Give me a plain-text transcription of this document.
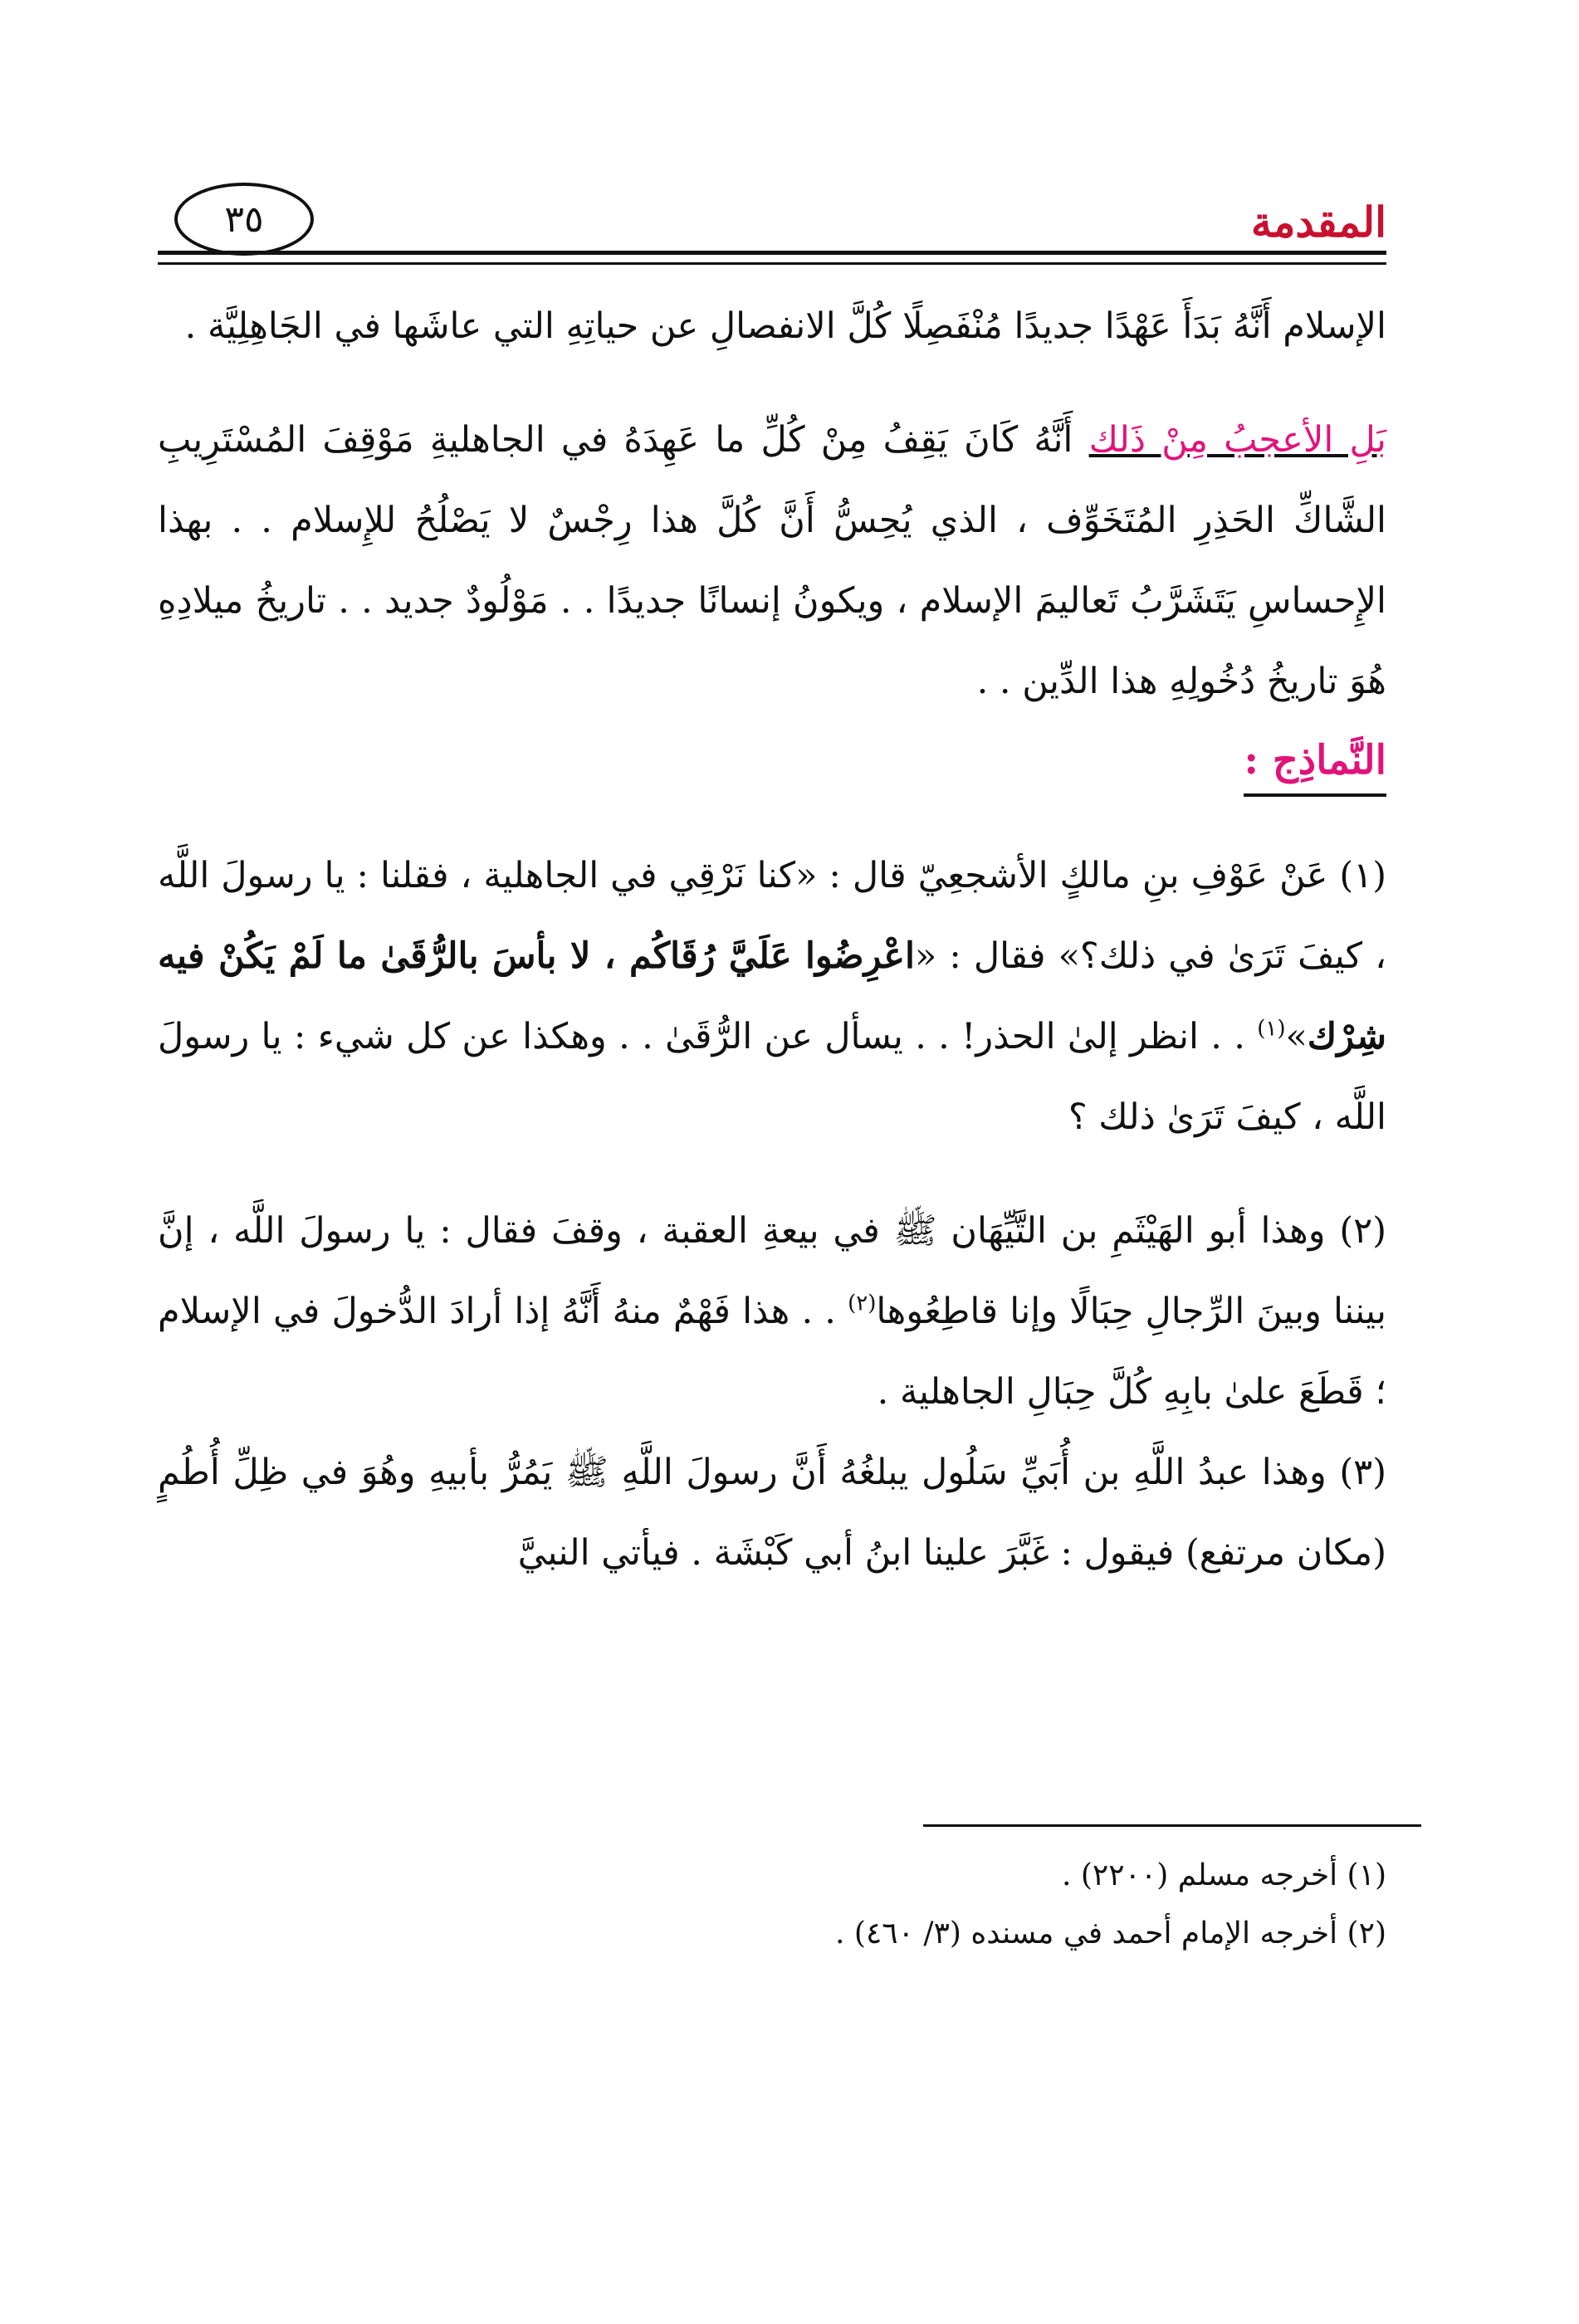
المقدمة
٣٥

الإسلام أَنَّهُ بَدَأَ عَهْدًا جديدًا مُنْفَصِلًا كُلَّ الانفصالِ عن حياتِهِ التي عاشَها في الجَاهِلِيَّة .

بَلِ الأعجبُ مِنْ ذَلك أَنَّهُ كَانَ يَقِفُ مِنْ كُلِّ ما عَهِدَهُ في الجاهليةِ مَوْقِفَ المُسْتَرِيبِ الشَّاكِّ الحَذِرِ المُتَخَوِّف ، الذي يُحِسُّ أَنَّ كُلَّ هذا رِجْسٌ لا يَصْلُحُ للإِسلام . . بهذا الإِحساسِ يَتَشَرَّبُ تَعاليمَ الإسلام ، ويكونُ إنسانًا جديدًا . . مَوْلُودٌ جديد . . تاريخُ ميلادِهِ هُوَ تاريخُ دُخُولِهِ هذا الدِّين . .

النَّماذِج :

(١) عَنْ عَوْفِ بنِ مالكٍ الأشجعِيّ قال : «كنا نَرْقِي في الجاهلية ، فقلنا : يا رسولَ اللَّه ، كيفَ تَرَىٰ في ذلك؟» فقال : «اعْرِضُوا عَلَيَّ رُقَاكُم ، لا بأسَ بالرُّقَىٰ ما لَمْ يَكُنْ فيه شِرْك»$^{(١)}$ . . انظر إلىٰ الحذر! . . يسأل عن الرُّقَىٰ . . وهكذا عن كل شيء : يا رسولَ اللَّه ، كيفَ تَرَىٰ ذلك ؟

(٢) وهذا أبو الهَيْثَمِ بن التَّيِّهَان ﷺ في بيعةِ العقبة ، وقفَ فقال : يا رسولَ اللَّه ، إنَّ بيننا وبينَ الرِّجالِ حِبَالًا وإنا قاطِعُوها$^{(٢)}$ . . هذا فَهْمٌ منهُ أَنَّهُ إذا أرادَ الدُّخولَ في الإسلام ؛ قَطَعَ علىٰ بابِهِ كُلَّ حِبَالِ الجاهلية .

(٣) وهذا عبدُ اللَّهِ بن أُبَيِّ سَلُول يبلغُهُ أَنَّ رسولَ اللَّهِ ﷺ يَمُرُّ بأبيهِ وهُوَ في ظِلِّ أُطُمٍ (مكان مرتفع) فيقول : غَبَّرَ علينا ابنُ أبي كَبْشَة . فيأتي النبيَّ

(١) أخرجه مسلم (٢٢٠٠) .

(٢) أخرجه الإمام أحمد في مسنده (٣/ ٤٦٠) .
